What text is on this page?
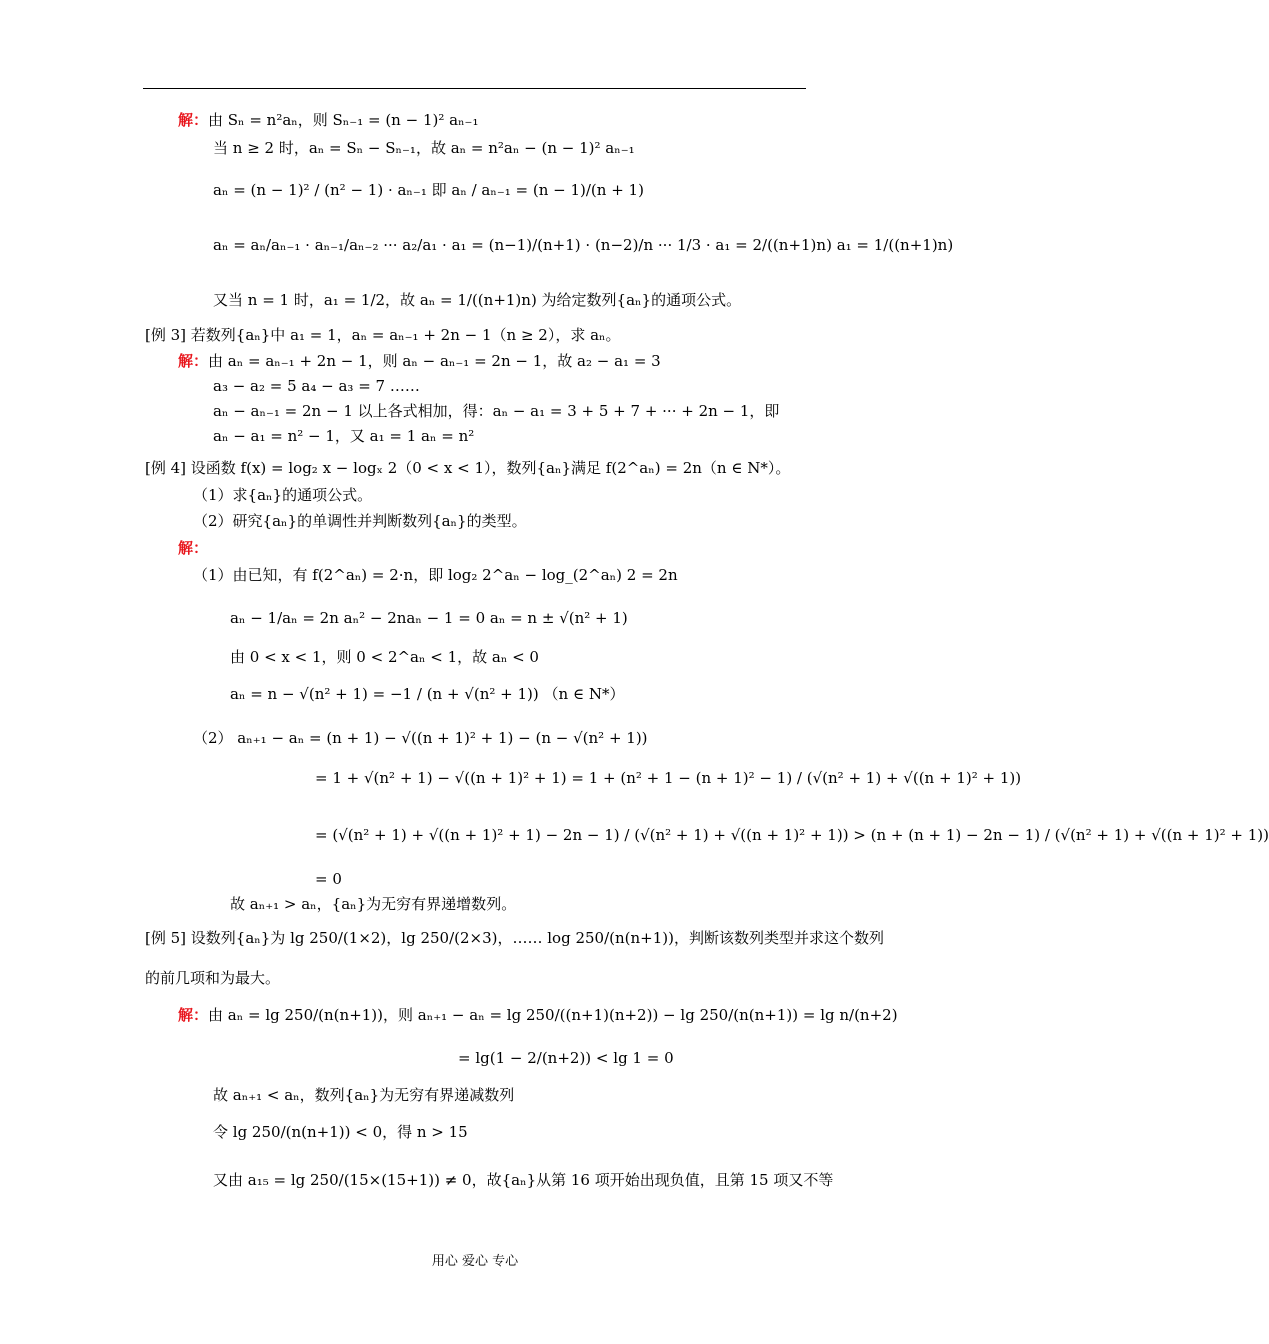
解：由 Sₙ = n²aₙ，则 Sₙ₋₁ = (n − 1)² aₙ₋₁
当 n ≥ 2 时，aₙ = Sₙ − Sₙ₋₁，故 aₙ = n²aₙ − (n − 1)² aₙ₋₁
aₙ = (n − 1)² / (n² − 1) · aₙ₋₁ 即 aₙ / aₙ₋₁ = (n − 1)/(n + 1)
aₙ = aₙ/aₙ₋₁ · aₙ₋₁/aₙ₋₂ ··· a₂/a₁ · a₁ = (n−1)/(n+1) · (n−2)/n ··· 1/3 · a₁ = 2/((n+1)n) a₁ = 1/((n+1)n)
又当 n = 1 时，a₁ = 1/2，故 aₙ = 1/((n+1)n) 为给定数列{aₙ}的通项公式。
[例 3] 若数列{aₙ}中 a₁ = 1，aₙ = aₙ₋₁ + 2n − 1（n ≥ 2），求 aₙ。
解：由 aₙ = aₙ₋₁ + 2n − 1，则 aₙ − aₙ₋₁ = 2n − 1，故 a₂ − a₁ = 3
a₃ − a₂ = 5 a₄ − a₃ = 7 ……
aₙ − aₙ₋₁ = 2n − 1 以上各式相加，得：aₙ − a₁ = 3 + 5 + 7 + ··· + 2n − 1，即
aₙ − a₁ = n² − 1，又 a₁ = 1 aₙ = n²
[例 4] 设函数 f(x) = log₂ x − logₓ 2（0 < x < 1），数列{aₙ}满足 f(2^aₙ) = 2n（n ∈ N*）。
（1）求{aₙ}的通项公式。
（2）研究{aₙ}的单调性并判断数列{aₙ}的类型。
解：
（1）由已知，有 f(2^aₙ) = 2·n，即 log₂ 2^aₙ − log_(2^aₙ) 2 = 2n
aₙ − 1/aₙ = 2n aₙ² − 2naₙ − 1 = 0 aₙ = n ± √(n² + 1)
由 0 < x < 1，则 0 < 2^aₙ < 1，故 aₙ < 0
aₙ = n − √(n² + 1) = −1 / (n + √(n² + 1)) （n ∈ N*）
（2） aₙ₊₁ − aₙ = (n + 1) − √((n + 1)² + 1) − (n − √(n² + 1))
= 1 + √(n² + 1) − √((n + 1)² + 1) = 1 + (n² + 1 − (n + 1)² − 1) / (√(n² + 1) + √((n + 1)² + 1))
= (√(n² + 1) + √((n + 1)² + 1) − 2n − 1) / (√(n² + 1) + √((n + 1)² + 1)) > (n + (n + 1) − 2n − 1) / (√(n² + 1) + √((n + 1)² + 1))
= 0
故 aₙ₊₁ > aₙ，{aₙ}为无穷有界递增数列。
[例 5] 设数列{aₙ}为 lg 250/(1×2)，lg 250/(2×3)，…… log 250/(n(n+1))，判断该数列类型并求这个数列
的前几项和为最大。
解：由 aₙ = lg 250/(n(n+1))，则 aₙ₊₁ − aₙ = lg 250/((n+1)(n+2)) − lg 250/(n(n+1)) = lg n/(n+2)
= lg(1 − 2/(n+2)) < lg 1 = 0
故 aₙ₊₁ < aₙ，数列{aₙ}为无穷有界递减数列
令 lg 250/(n(n+1)) < 0，得 n > 15
又由 a₁₅ = lg 250/(15×(15+1)) ≠ 0，故{aₙ}从第 16 项开始出现负值，且第 15 项又不等
用心 爱心 专心
